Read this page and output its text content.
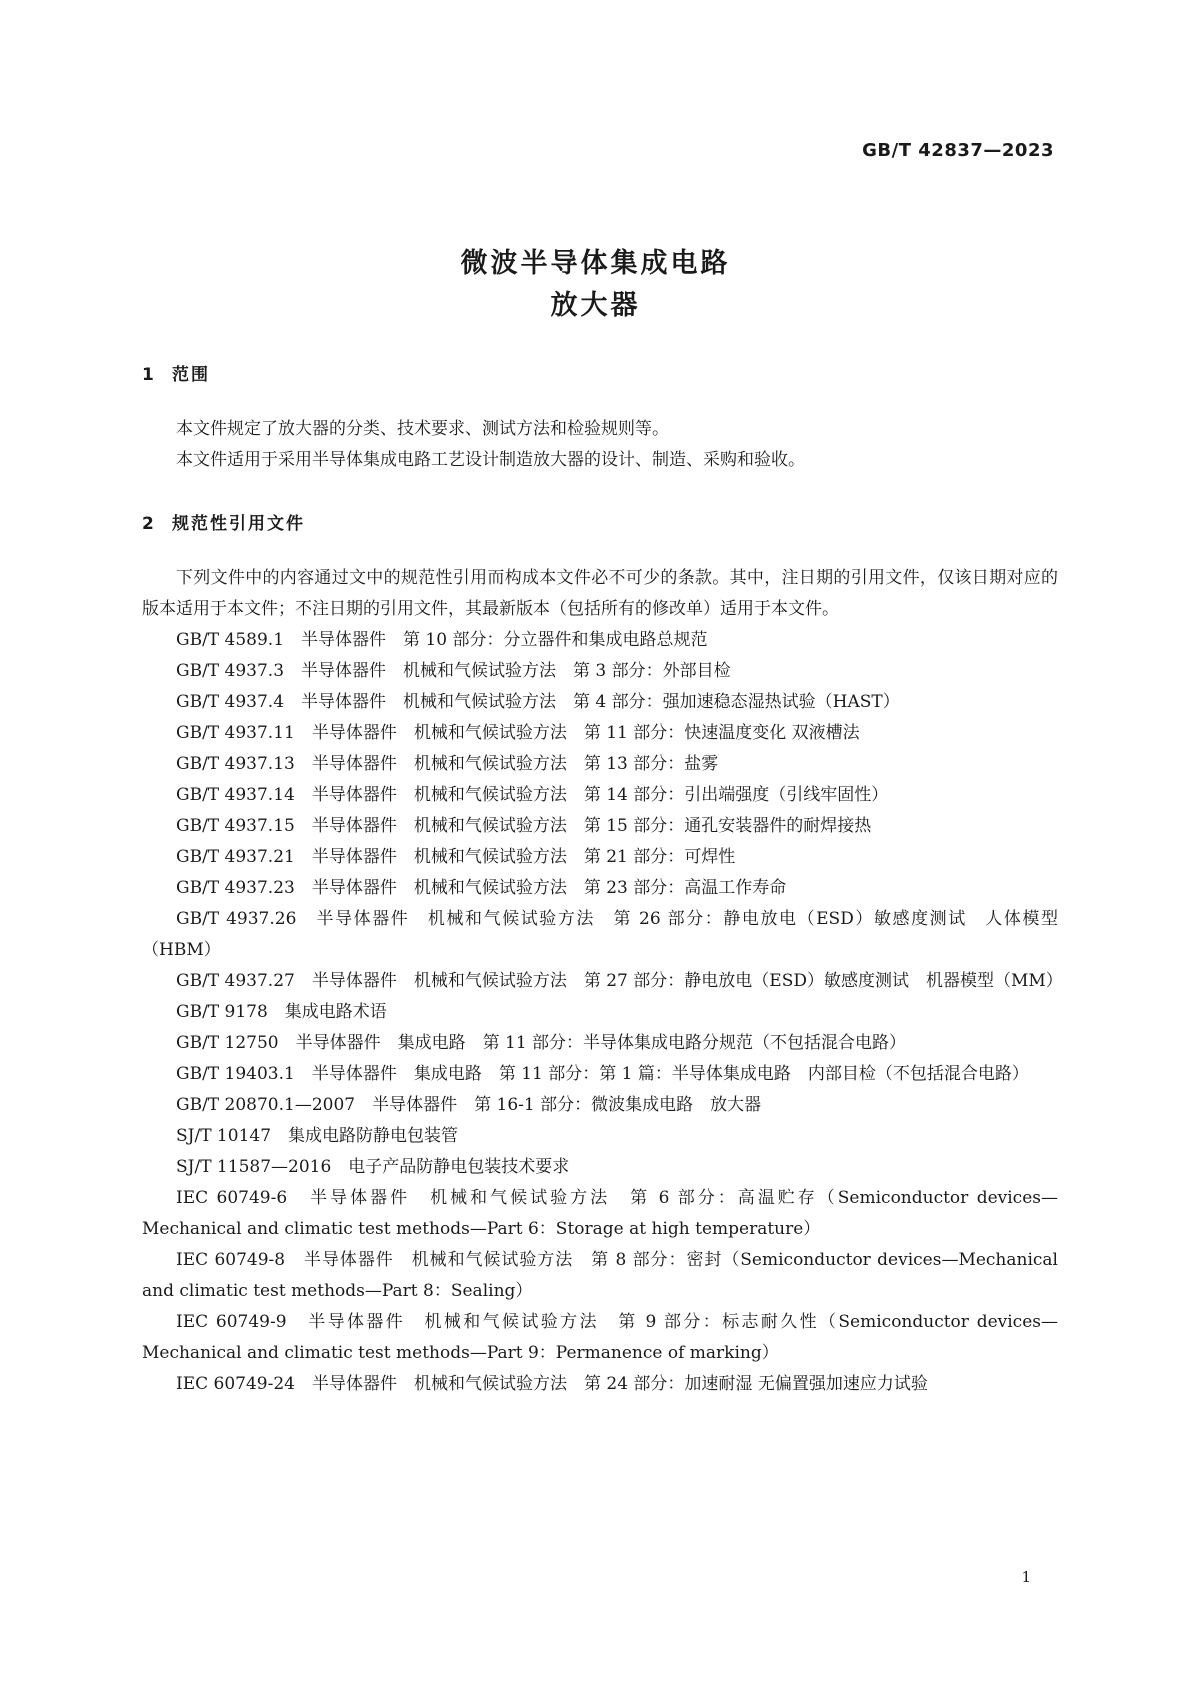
GB/T 42837—2023
微波半导体集成电路
放大器
1 范围

本文件规定了放大器的分类、技术要求、测试方法和检验规则等。

本文件适用于采用半导体集成电路工艺设计制造放大器的设计、制造、采购和验收。

2 规范性引用文件

下列文件中的内容通过文中的规范性引用而构成本文件必不可少的条款。其中，注日期的引用文件，仅该日期对应的版本适用于本文件；不注日期的引用文件，其最新版本（包括所有的修改单）适用于本文件。

GB/T 4589.1　半导体器件　第 10 部分：分立器件和集成电路总规范

GB/T 4937.3　半导体器件　机械和气候试验方法　第 3 部分：外部目检

GB/T 4937.4　半导体器件　机械和气候试验方法　第 4 部分：强加速稳态湿热试验（HAST）

GB/T 4937.11　半导体器件　机械和气候试验方法　第 11 部分：快速温度变化 双液槽法

GB/T 4937.13　半导体器件　机械和气候试验方法　第 13 部分：盐雾

GB/T 4937.14　半导体器件　机械和气候试验方法　第 14 部分：引出端强度（引线牢固性）

GB/T 4937.15　半导体器件　机械和气候试验方法　第 15 部分：通孔安装器件的耐焊接热

GB/T 4937.21　半导体器件　机械和气候试验方法　第 21 部分：可焊性

GB/T 4937.23　半导体器件　机械和气候试验方法　第 23 部分：高温工作寿命

GB/T 4937.26　半导体器件　机械和气候试验方法　第 26 部分：静电放电（ESD）敏感度测试　人体模型（HBM）

GB/T 4937.27　半导体器件　机械和气候试验方法　第 27 部分：静电放电（ESD）敏感度测试　机器模型（MM）

GB/T 9178　集成电路术语

GB/T 12750　半导体器件　集成电路　第 11 部分：半导体集成电路分规范（不包括混合电路）

GB/T 19403.1　半导体器件　集成电路　第 11 部分：第 1 篇：半导体集成电路　内部目检（不包括混合电路）

GB/T 20870.1—2007　半导体器件　第 16-1 部分：微波集成电路　放大器

SJ/T 10147　集成电路防静电包装管

SJ/T 11587—2016　电子产品防静电包装技术要求

IEC 60749-6　半导体器件　机械和气候试验方法　第 6 部分：高温贮存（Semiconductor devices—Mechanical and climatic test methods—Part 6：Storage at high temperature）

IEC 60749-8　半导体器件　机械和气候试验方法　第 8 部分：密封（Semiconductor devices—Mechanical and climatic test methods—Part 8：Sealing）

IEC 60749-9　半导体器件　机械和气候试验方法　第 9 部分：标志耐久性（Semiconductor devices—Mechanical and climatic test methods—Part 9：Permanence of marking）

IEC 60749-24　半导体器件　机械和气候试验方法　第 24 部分：加速耐湿 无偏置强加速应力试验

1
